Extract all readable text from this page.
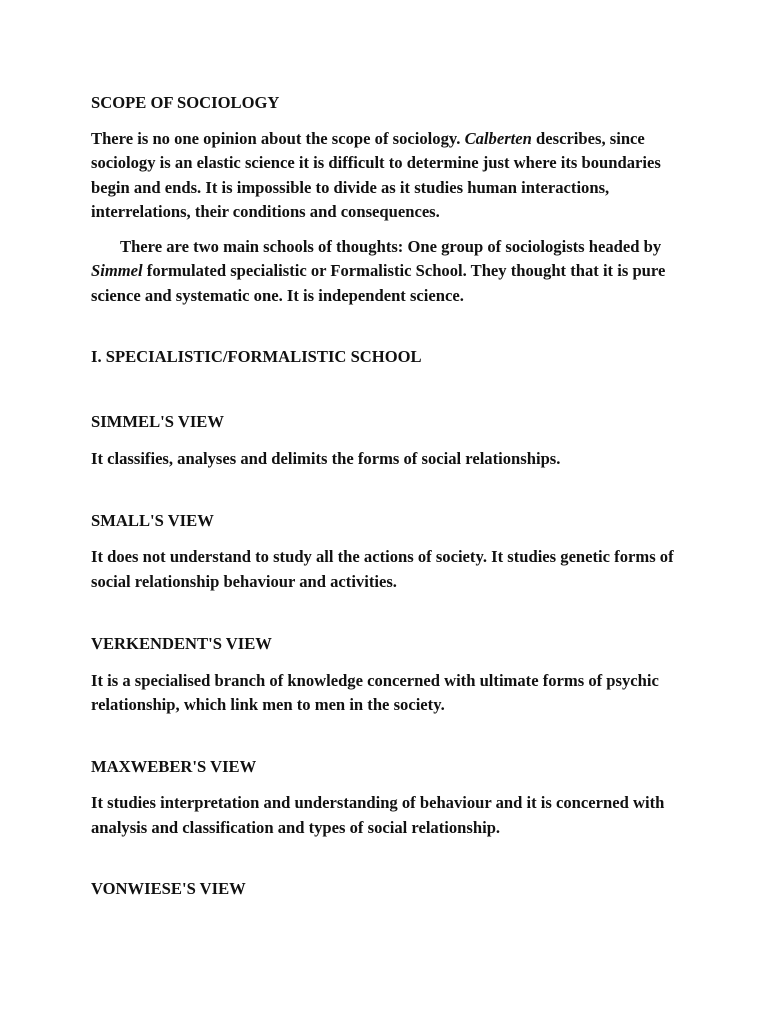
SCOPE OF SOCIOLOGY

There is no one opinion about the scope of sociology. Calberten describes, since sociology is an elastic science it is difficult to determine just where its boundaries begin and ends. It is impossible to divide as it studies human interactions, interrelations, their conditions and consequences.

There are two main schools of thoughts: One group of sociologists headed by Simmel formulated specialistic or Formalistic School. They thought that it is pure science and systematic one. It is independent science.

I. SPECIALISTIC/FORMALISTIC SCHOOL

SIMMEL'S VIEW

It classifies, analyses and delimits the forms of social relationships.

SMALL'S VIEW

It does not understand to study all the actions of society. It studies genetic forms of social relationship behaviour and activities.

VERKENDENT'S VIEW

It is a specialised branch of knowledge concerned with ultimate forms of psychic relationship, which link men to men in the society.

MAXWEBER'S VIEW

It studies interpretation and understanding of behaviour and it is concerned with analysis and classification and types of social relationship.

VONWIESE'S VIEW
